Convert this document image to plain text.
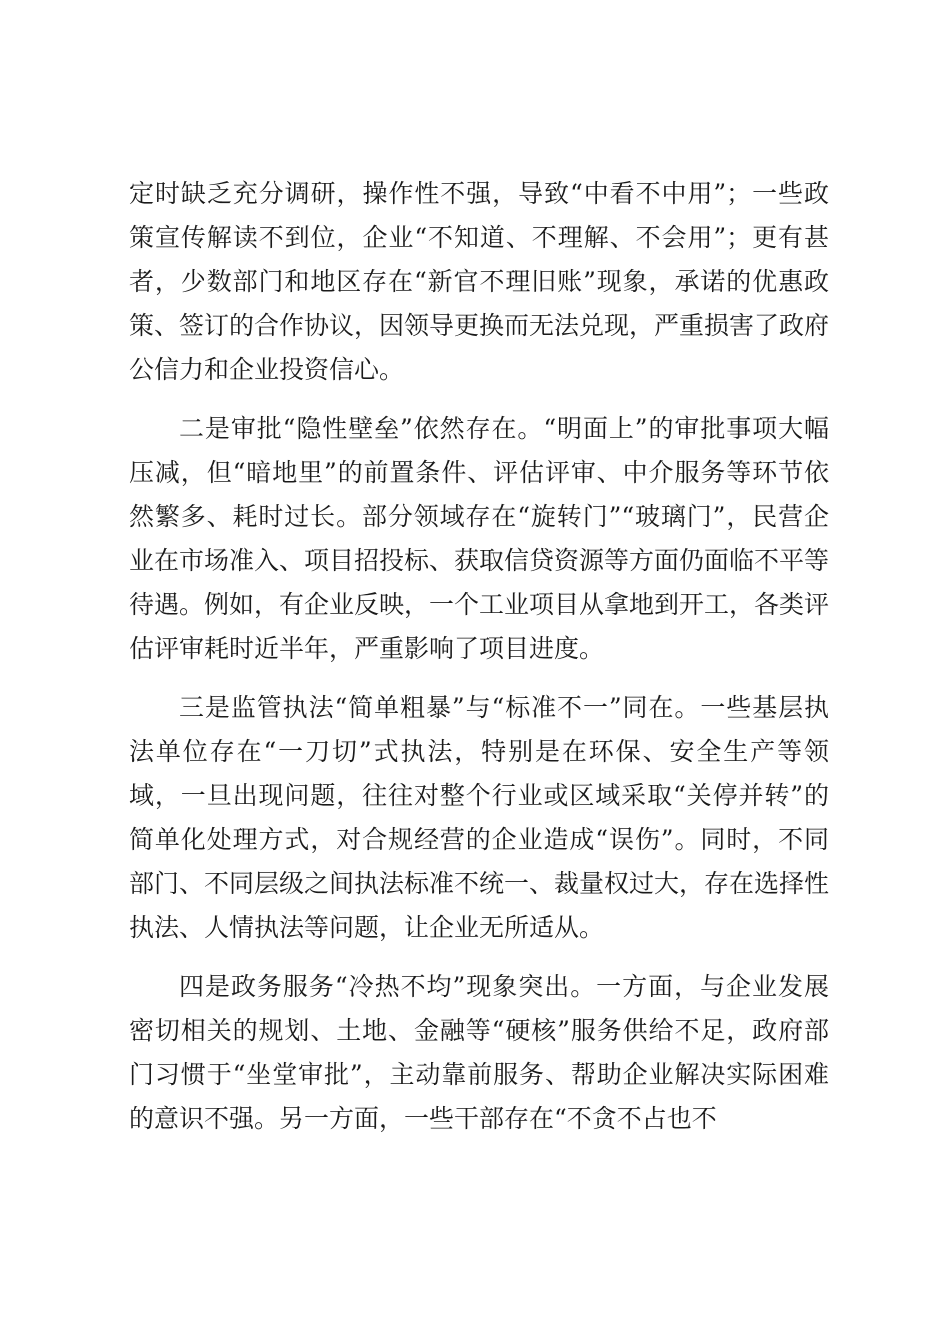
定时缺乏充分调研，操作性不强，导致“中看不中用”；一些政策宣传解读不到位，企业“不知道、不理解、不会用”；更有甚者，少数部门和地区存在“新官不理旧账”现象，承诺的优惠政策、签订的合作协议，因领导更换而无法兑现，严重损害了政府公信力和企业投资信心。

二是审批“隐性壁垒”依然存在。“明面上”的审批事项大幅压减，但“暗地里”的前置条件、评估评审、中介服务等环节依然繁多、耗时过长。部分领域存在“旋转门”“玻璃门”，民营企业在市场准入、项目招投标、获取信贷资源等方面仍面临不平等待遇。例如，有企业反映，一个工业项目从拿地到开工，各类评估评审耗时近半年，严重影响了项目进度。

三是监管执法“简单粗暴”与“标准不一”同在。一些基层执法单位存在“一刀切”式执法，特别是在环保、安全生产等领域，一旦出现问题，往往对整个行业或区域采取“关停并转”的简单化处理方式，对合规经营的企业造成“误伤”。同时，不同部门、不同层级之间执法标准不统一、裁量权过大，存在选择性执法、人情执法等问题，让企业无所适从。

四是政务服务“冷热不均”现象突出。一方面，与企业发展密切相关的规划、土地、金融等“硬核”服务供给不足，政府部门习惯于“坐堂审批”，主动靠前服务、帮助企业解决实际困难的意识不强。另一方面，一些干部存在“不贪不占也不
